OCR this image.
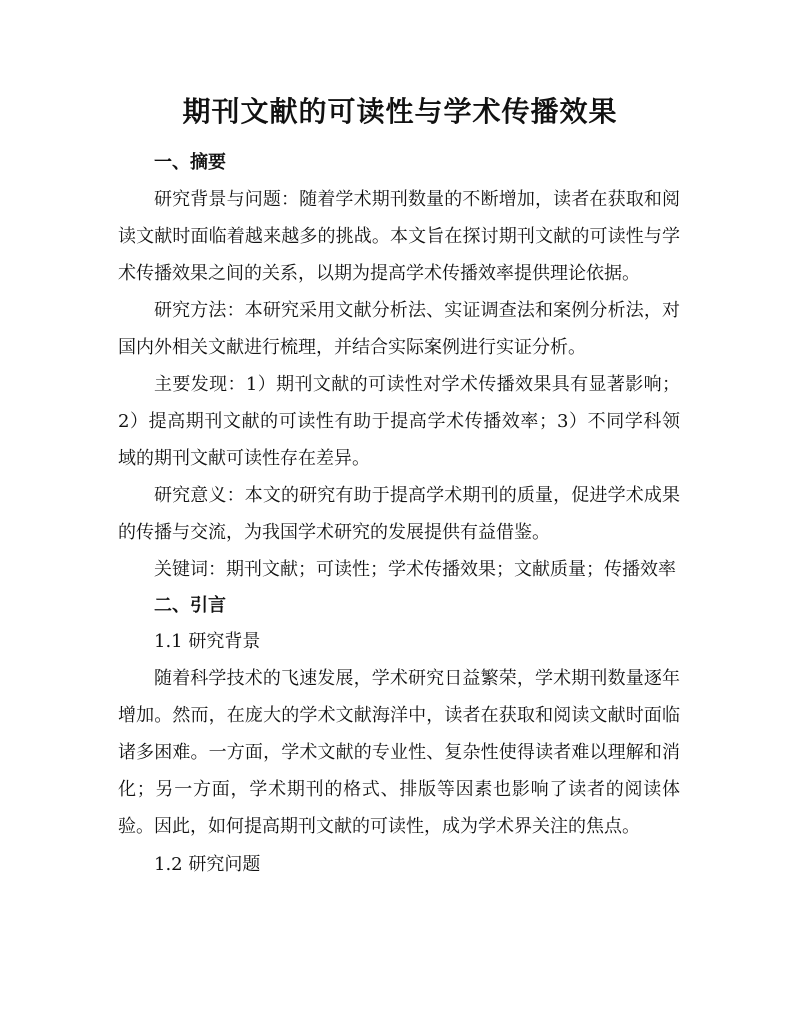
期刊文献的可读性与学术传播效果
一、摘要

研究背景与问题：随着学术期刊数量的不断增加，读者在获取和阅读文献时面临着越来越多的挑战。本文旨在探讨期刊文献的可读性与学术传播效果之间的关系，以期为提高学术传播效率提供理论依据。

研究方法：本研究采用文献分析法、实证调查法和案例分析法，对国内外相关文献进行梳理，并结合实际案例进行实证分析。

主要发现：1）期刊文献的可读性对学术传播效果具有显著影响；2）提高期刊文献的可读性有助于提高学术传播效率；3）不同学科领域的期刊文献可读性存在差异。

研究意义：本文的研究有助于提高学术期刊的质量，促进学术成果的传播与交流，为我国学术研究的发展提供有益借鉴。

关键词：期刊文献；可读性；学术传播效果；文献质量；传播效率

二、引言
1.1 研究背景

随着科学技术的飞速发展，学术研究日益繁荣，学术期刊数量逐年增加。然而，在庞大的学术文献海洋中，读者在获取和阅读文献时面临诸多困难。一方面，学术文献的专业性、复杂性使得读者难以理解和消化；另一方面，学术期刊的格式、排版等因素也影响了读者的阅读体验。因此，如何提高期刊文献的可读性，成为学术界关注的焦点。

1.2 研究问题
